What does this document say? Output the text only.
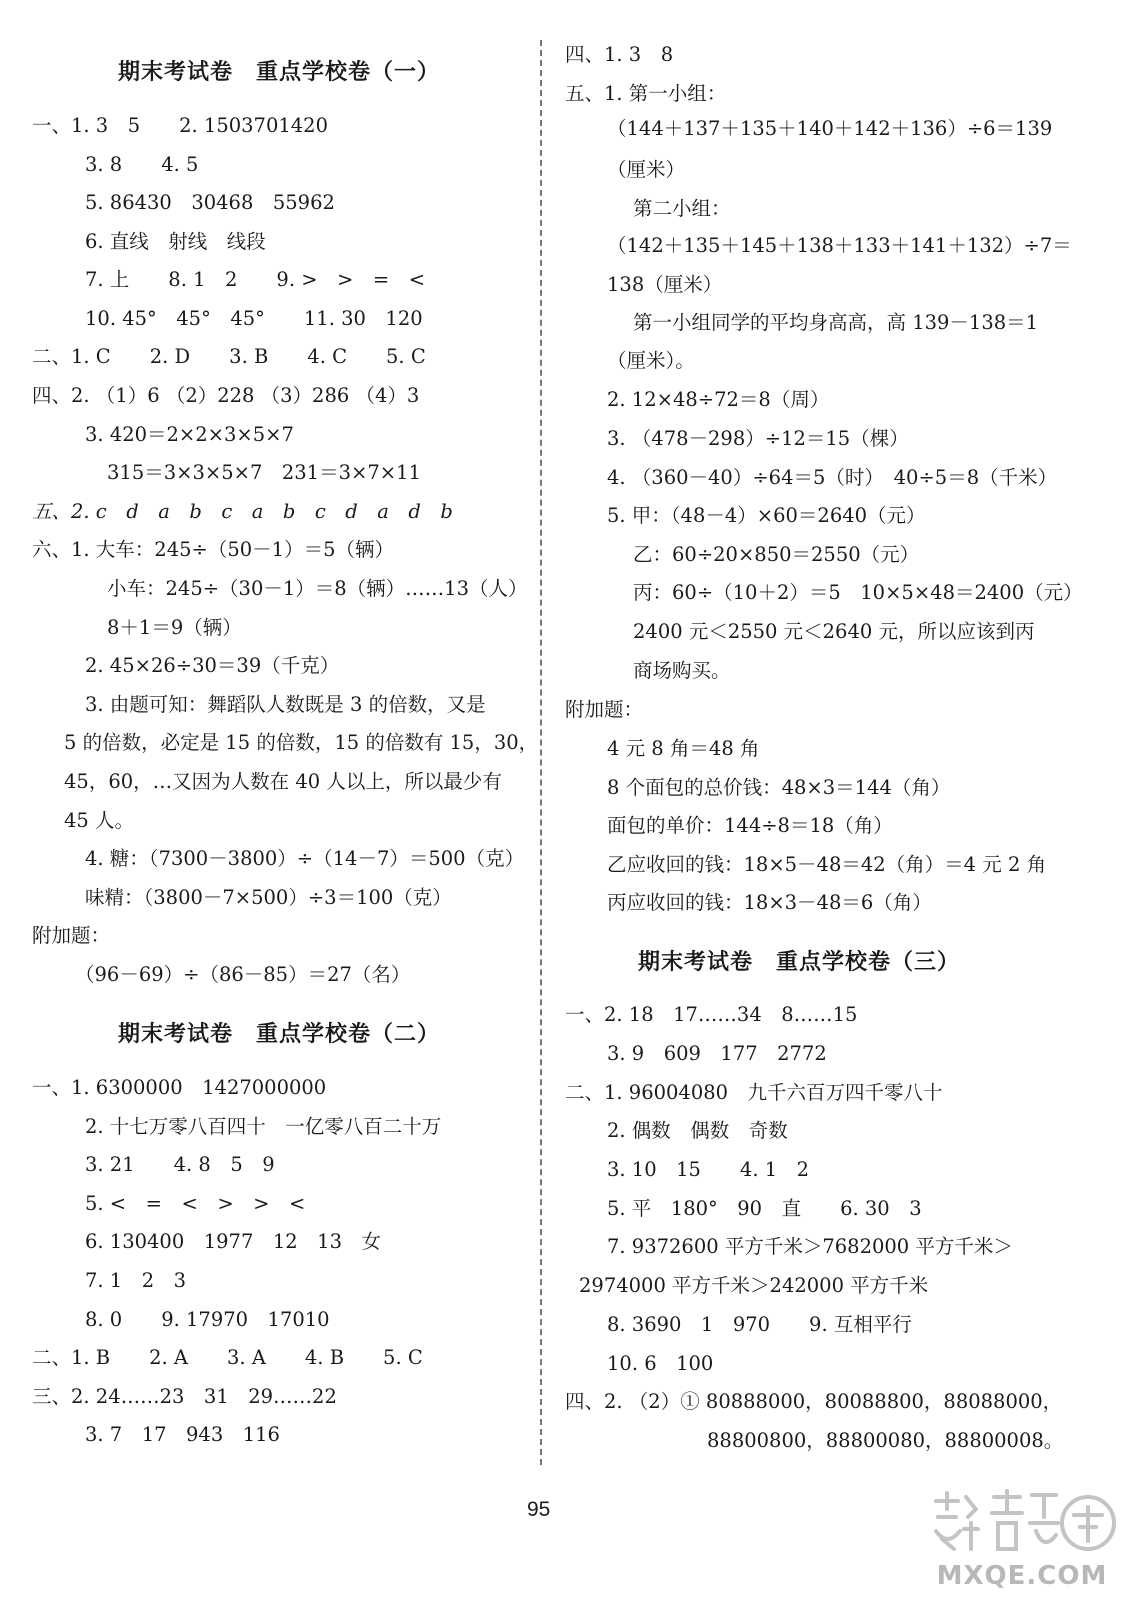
期末考试卷　重点学校卷（一）
一、1. 3　5　　2. 1503701420
3. 8　　4. 5
5. 86430　30468　55962
6. 直线　射线　线段
7. 上　　8. 1　2　　9. >　>　=　<
10. 45°　45°　45°　　11. 30　120
二、1. C　　2. D　　3. B　　4. C　　5. C
四、2. （1）6 （2）228 （3）286 （4）3
3. 420＝2×2×3×5×7
315＝3×3×5×7　231＝3×7×11
五、2. c　d　a　b　c　a　b　c　d　a　d　b
六、1. 大车：245÷（50－1）＝5（辆）
小车：245÷（30－1）＝8（辆）……13（人）
8＋1＝9（辆）
2. 45×26÷30＝39（千克）
3. 由题可知：舞蹈队人数既是 3 的倍数，又是
5 的倍数，必定是 15 的倍数，15 的倍数有 15，30，
45，60，…又因为人数在 40 人以上，所以最少有
45 人。
4. 糖：（7300－3800）÷（14－7）＝500（克）
味精：（3800－7×500）÷3＝100（克）
附加题：
（96－69）÷（86－85）＝27（名）
期末考试卷　重点学校卷（二）
一、1. 6300000　1427000000
2. 十七万零八百四十　一亿零八百二十万
3. 21　　4. 8　5　9
5. <　=　<　>　>　<
6. 130400　1977　12　13　女
7. 1　2　3
8. 0　　9. 17970　17010
二、1. B　　2. A　　3. A　　4. B　　5. C
三、2. 24……23　31　29……22
3. 7　17　943　116
四、1. 3　8
五、1. 第一小组：
（144＋137＋135＋140＋142＋136）÷6＝139
（厘米）
第二小组：
（142＋135＋145＋138＋133＋141＋132）÷7＝
138（厘米）
第一小组同学的平均身高高，高 139－138＝1
（厘米）。
2. 12×48÷72＝8（周）
3. （478－298）÷12＝15（棵）
4. （360－40）÷64＝5（时）　40÷5＝8（千米）
5. 甲：（48－4）×60＝2640（元）
乙：60÷20×850＝2550（元）
丙：60÷（10＋2）＝5　10×5×48＝2400（元）
2400 元＜2550 元＜2640 元，所以应该到丙
商场购买。
附加题：
4 元 8 角＝48 角
8 个面包的总价钱：48×3＝144（角）
面包的单价：144÷8＝18（角）
乙应收回的钱：18×5－48＝42（角）＝4 元 2 角
丙应收回的钱：18×3－48＝6（角）
期末考试卷　重点学校卷（三）
一、2. 18　17……34　8……15
3. 9　609　177　2772
二、1. 96004080　九千六百万四千零八十
2. 偶数　偶数　奇数
3. 10　15　　4. 1　2
5. 平　180°　90　直　　6. 30　3
7. 9372600 平方千米＞7682000 平方千米＞
2974000 平方千米＞242000 平方千米
8. 3690　1　970　　9. 互相平行
10. 6　100
四、2. （2）① 80888000，80088800，88088000，
88800800，88800080，88800008。
95
MXQE.COM
